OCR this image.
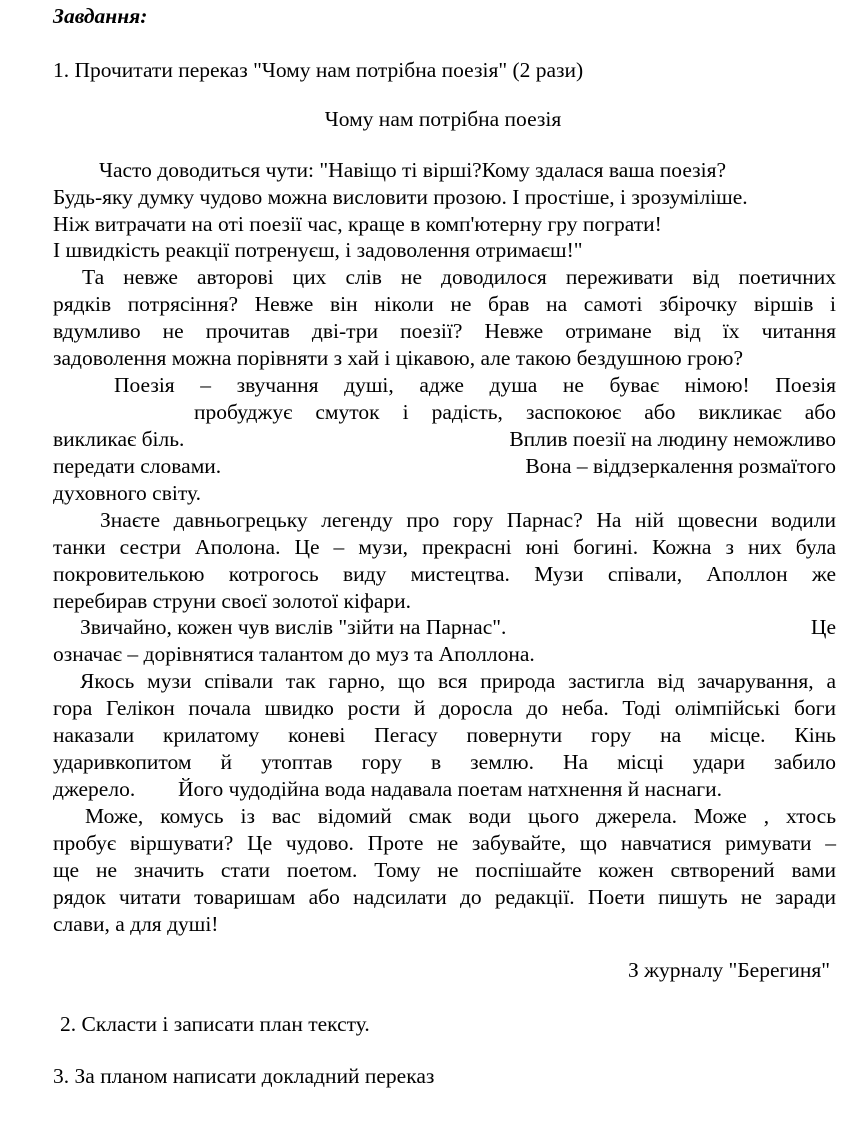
Завдання:
1. Прочитати переказ "Чому нам потрібна поезія" (2 рази)
Чому нам потрібна поезія
Часто доводиться чути: "Навіщо ті вірші?Кому здалася ваша поезія?
Будь-яку думку чудово можна висловити прозою. І простіше, і зрозуміліше.
Ніж витрачати на оті поезії час, краще в комп'ютерну гру пограти!
І швидкість реакції потренуєш, і задоволення отримаєш!"
Та невже авторові цих слів не доводилося переживати від поетичних
рядків потрясіння? Невже він ніколи не брав на самоті збірочку віршів і
вдумливо не прочитав дві-три поезії? Невже отримане від їх читання
задоволення можна порівняти з хай і цікавою, але такою бездушною грою?
Поезія – звучання душі, адже душа не буває німою! Поезія
пробуджує смуток і радість, заспокоює або викликає або
викликає біль.	Вплив поезії на людину неможливо
передати словами.	Вона – віддзеркалення розмаїтого
духовного світу.
Знаєте давньогрецьку легенду про гору Парнас? На ній щовесни водили
танки сестри Аполона. Це – музи, прекрасні юні богині. Кожна з них була
покровителькою котрогось виду мистецтва. Музи співали, Аполлон же
перебирав струни своєї золотої кіфари.
Звичайно, кожен чув вислів "зійти на Парнас".	Це
означає – дорівнятися талантом до муз та Аполлона.
Якось музи співали так гарно, що вся природа застигла від зачарування, а
гора Гелікон почала швидко рости й доросла до неба. Тоді олімпійські боги
наказали крилатому коневі Пегасу повернути гору на місце. Кінь
ударивкопитом й утоптав гору в землю. На місці удари забило
джерело. Його чудодійна вода надавала поетам натхнення й наснаги.
Може, комусь із вас відомий смак води цього джерела. Може , хтось
пробує віршувати? Це чудово. Проте не забувайте, що навчатися римувати –
ще не значить стати поетом. Тому не поспішайте кожен свтворений вами
рядок читати товаришам або надсилати до редакції. Поети пишуть не заради
слави, а для душі!
З журналу "Берегиня"
2. Скласти і записати план тексту.
3. За планом написати докладний переказ
